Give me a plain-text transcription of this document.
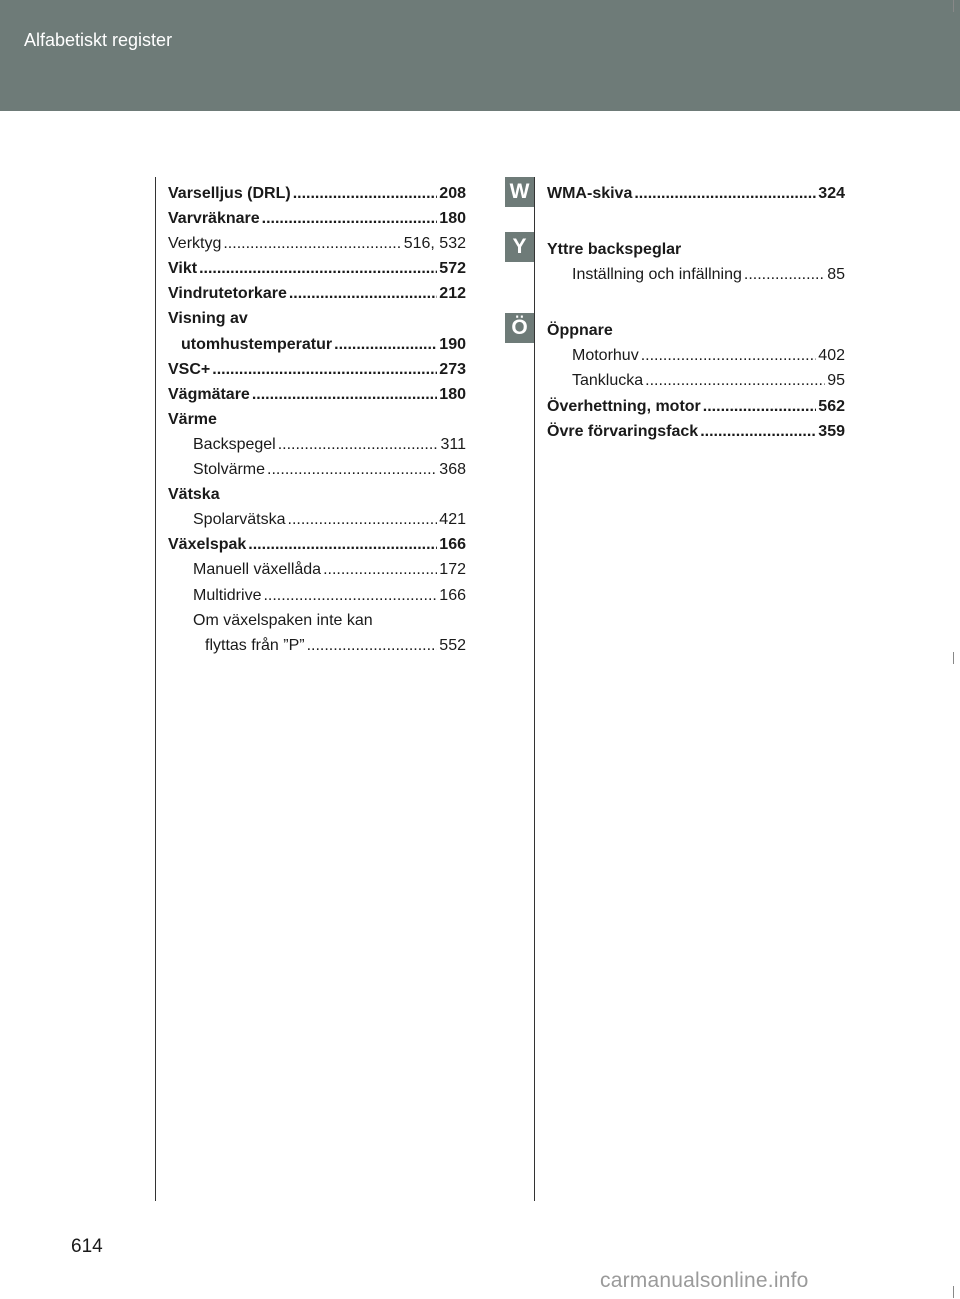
Alfabetiskt register
Varselljus (DRL) .....	208
Varvräknare .....	180
Verktyg .....	516, 532
Vikt .....	572
Vindrutetorkare .....	212
Visning av
utomhustemperatur .....	190
VSC+ .....	273
Vägmätare .....	180
Värme
Backspegel .....	311
Stolvärme .....	368
Vätska
Spolarvätska .....	421
Växelspak .....	166
Manuell växellåda .....	172
Multidrive .....	166
Om växelspaken inte kan
flyttas från ”P” .....	552
WMA-skiva .....	324
Yttre backspeglar
Inställning och infällning .....	85
Öppnare
Motorhuv .....	402
Tanklucka .....	95
Överhettning, motor .....	562
Övre förvaringsfack .....	359
614
carmanualsonline.info
W
Y
Ö
